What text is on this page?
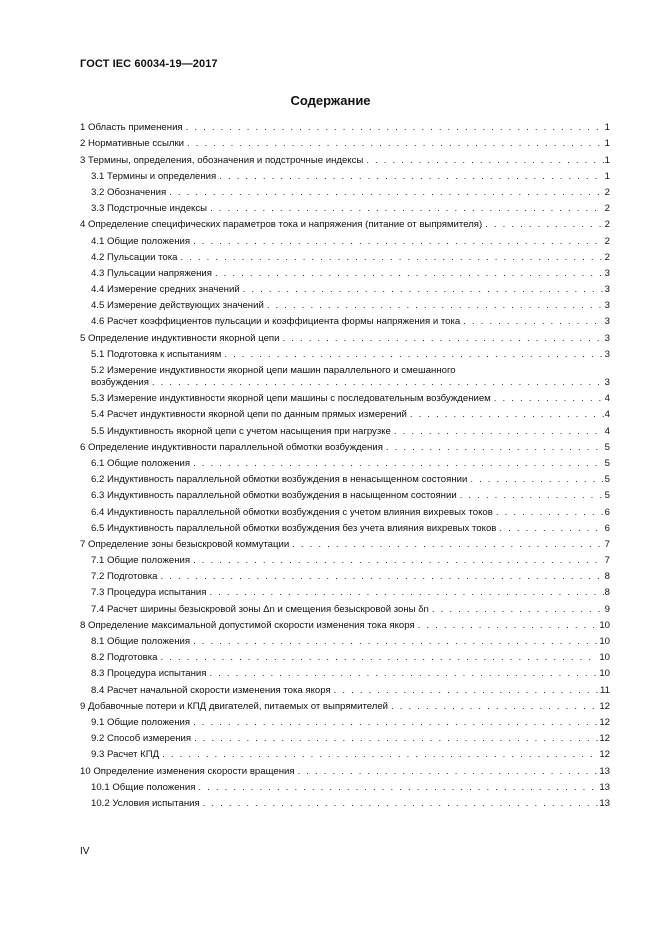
ГОСТ IEC 60034-19—2017
Содержание
1 Область применения . . .	1
2 Нормативные ссылки . . .	1
3 Термины, определения, обозначения и подстрочные индексы . . .	1
3.1 Термины и определения . . .	1
3.2 Обозначения . . .	2
3.3 Подстрочные индексы . . .	2
4 Определение специфических параметров тока и напряжения (питание от выпрямителя) . . .	2
4.1 Общие положения . . .	2
4.2 Пульсации тока . . .	2
4.3 Пульсации напряжения . . .	3
4.4 Измерение средних значений . . .	3
4.5 Измерение действующих значений . . .	3
4.6 Расчет коэффициентов пульсации и коэффициента формы напряжения и тока . . .	3
5 Определение индуктивности якорной цепи . . .	3
5.1 Подготовка к испытаниям . . .	3
5.2 Измерение индуктивности якорной цепи машин параллельного и смешанного
возбуждения . . .	3
5.3 Измерение индуктивности якорной цепи машины с последовательным возбуждением . . .	4
5.4 Расчет индуктивности якорной цепи по данным прямых измерений . . .	4
5.5 Индуктивность якорной цепи с учетом насыщения при нагрузке . . .	4
6 Определение индуктивности параллельной обмотки возбуждения . . .	5
6.1 Общие положения . . .	5
6.2 Индуктивность параллельной обмотки возбуждения в ненасыщенном состоянии . . .	5
6.3 Индуктивность параллельной обмотки возбуждения в насыщенном состоянии . . .	5
6.4 Индуктивность параллельной обмотки возбуждения с учетом влияния вихревых токов . . .	6
6.5 Индуктивность параллельной обмотки возбуждения без учета влияния вихревых токов . . .	6
7 Определение зоны безыскровой коммутации . . .	7
7.1 Общие положения . . .	7
7.2 Подготовка . . .	8
7.3 Процедура испытания . . .	8
7.4 Расчет ширины безыскровой зоны Δn и смещения безыскровой зоны δn . . .	9
8 Определение максимальной допустимой скорости изменения тока якоря . . .	10
8.1 Общие положения . . .	10
8.2 Подготовка . . .	10
8.3 Процедура испытания . . .	10
8.4 Расчет начальной скорости изменения тока якоря . . .	11
9 Добавочные потери и КПД двигателей, питаемых от выпрямителей . . .	12
9.1 Общие положения . . .	12
9.2 Способ измерения . . .	12
9.3 Расчет КПД . . .	12
10 Определение изменения скорости вращения . . .	13
10.1 Общие положения . . .	13
10.2 Условия испытания . . .	13
IV
